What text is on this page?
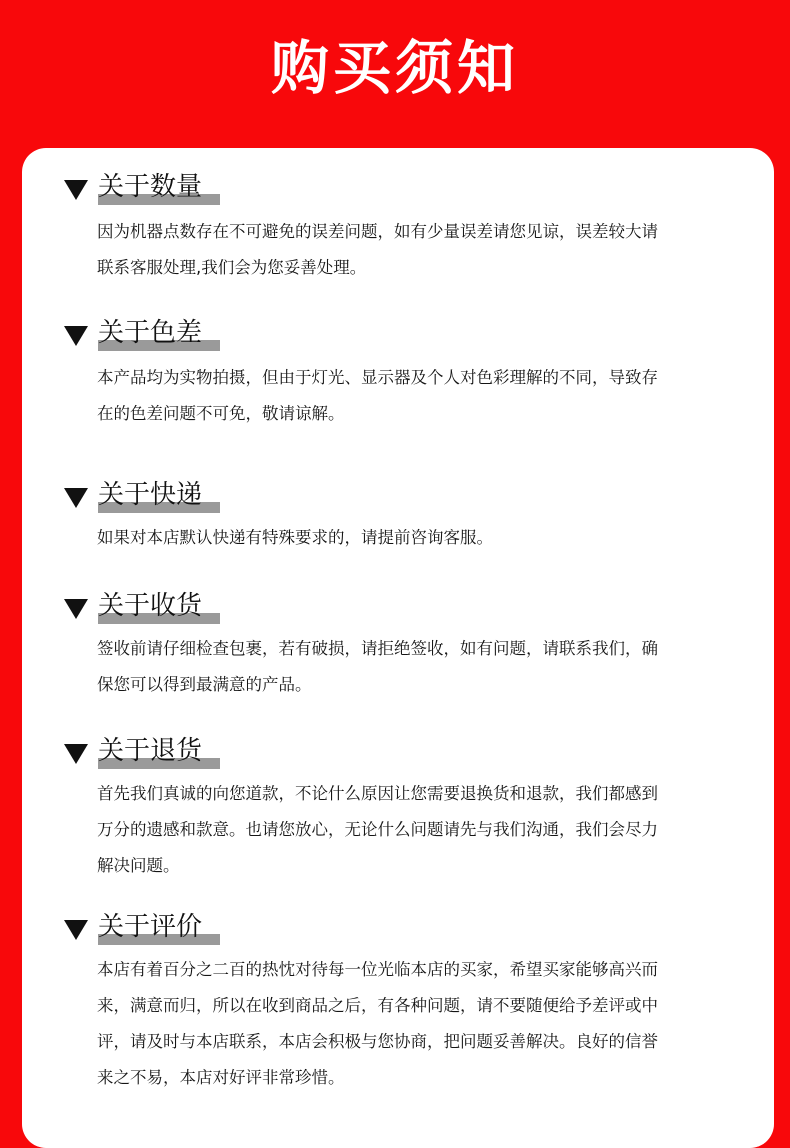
购买须知
关于数量
因为机器点数存在不可避免的误差问题，如有少量误差请您见谅，误差较大请
联系客服处理,我们会为您妥善处理。
关于色差
本产品均为实物拍摄，但由于灯光、显示器及个人对色彩理解的不同，导致存
在的色差问题不可免，敬请谅解。
关于快递
如果对本店默认快递有特殊要求的，请提前咨询客服。
关于收货
签收前请仔细检查包裹，若有破损，请拒绝签收，如有问题，请联系我们，确
保您可以得到最满意的产品。
关于退货
首先我们真诚的向您道款，不论什么原因让您需要退换货和退款，我们都感到
万分的遗感和款意。也请您放心，无论什么问题请先与我们沟通，我们会尽力
解决问题。
关于评价
本店有着百分之二百的热忱对待每一位光临本店的买家，希望买家能够高兴而
来，满意而归，所以在收到商品之后，有各种问题，请不要随便给予差评或中
评，请及时与本店联系，本店会积极与您协商，把问题妥善解决。良好的信誉
来之不易，本店对好评非常珍惜。
